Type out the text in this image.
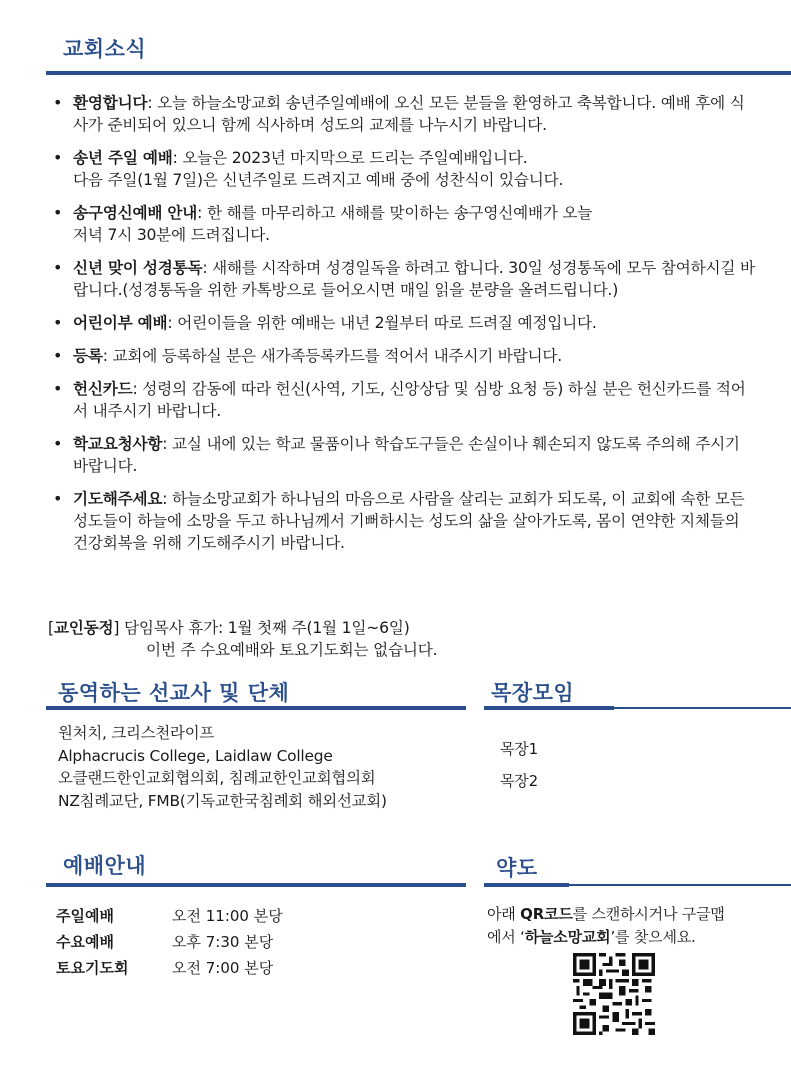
교회소식
• 환영합니다: 오늘 하늘소망교회 송년주일예배에 오신 모든 분들을 환영하고 축복합니다. 예배 후에 식사가 준비되어 있으니 함께 식사하며 성도의 교제를 나누시기 바랍니다.
• 송년 주일 예배: 오늘은 2023년 마지막으로 드리는 주일예배입니다.
다음 주일(1월 7일)은 신년주일로 드려지고 예배 중에 성찬식이 있습니다.
• 송구영신예배 안내: 한 해를 마무리하고 새해를 맞이하는 송구영신예배가 오늘
저녁 7시 30분에 드려집니다.
• 신년 맞이 성경통독: 새해를 시작하며 성경일독을 하려고 합니다. 30일 성경통독에 모두 참여하시길 바랍니다.(성경통독을 위한 카톡방으로 들어오시면 매일 읽을 분량을 올려드립니다.)
• 어린이부 예배: 어린이들을 위한 예배는 내년 2월부터 따로 드려질 예정입니다.
• 등록: 교회에 등록하실 분은 새가족등록카드를 적어서 내주시기 바랍니다.
• 헌신카드: 성령의 감동에 따라 헌신(사역, 기도, 신앙상담 및 심방 요청 등) 하실 분은 헌신카드를 적어서 내주시기 바랍니다.
• 학교요청사항: 교실 내에 있는 학교 물품이나 학습도구들은 손실이나 훼손되지 않도록 주의해 주시기 바랍니다.
• 기도해주세요: 하늘소망교회가 하나님의 마음으로 사람을 살리는 교회가 되도록, 이 교회에 속한 모든 성도들이 하늘에 소망을 두고 하나님께서 기뻐하시는 성도의 삶을 살아가도록, 몸이 연약한 지체들의 건강회복을 위해 기도해주시기 바랍니다.
[교인동정] 담임목사 휴가: 1월 첫째 주(1월 1일~6일)
이번 주 수요예배와 토요기도회는 없습니다.
동역하는 선교사 및 단체
원처치, 크리스천라이프
Alphacrucis College, Laidlaw College
오클랜드한인교회협의회, 침례교한인교회협의회
NZ침례교단, FMB(기독교한국침례회 해외선교회)
목장모임
목장1
목장2
예배안내
주일예배	오전 11:00 본당
수요예배	오후 7:30 본당
토요기도회	오전 7:00 본당
약도
아래 QR코드를 스캔하시거나 구글맵
에서 ‘하늘소망교회’를 찾으세요.
